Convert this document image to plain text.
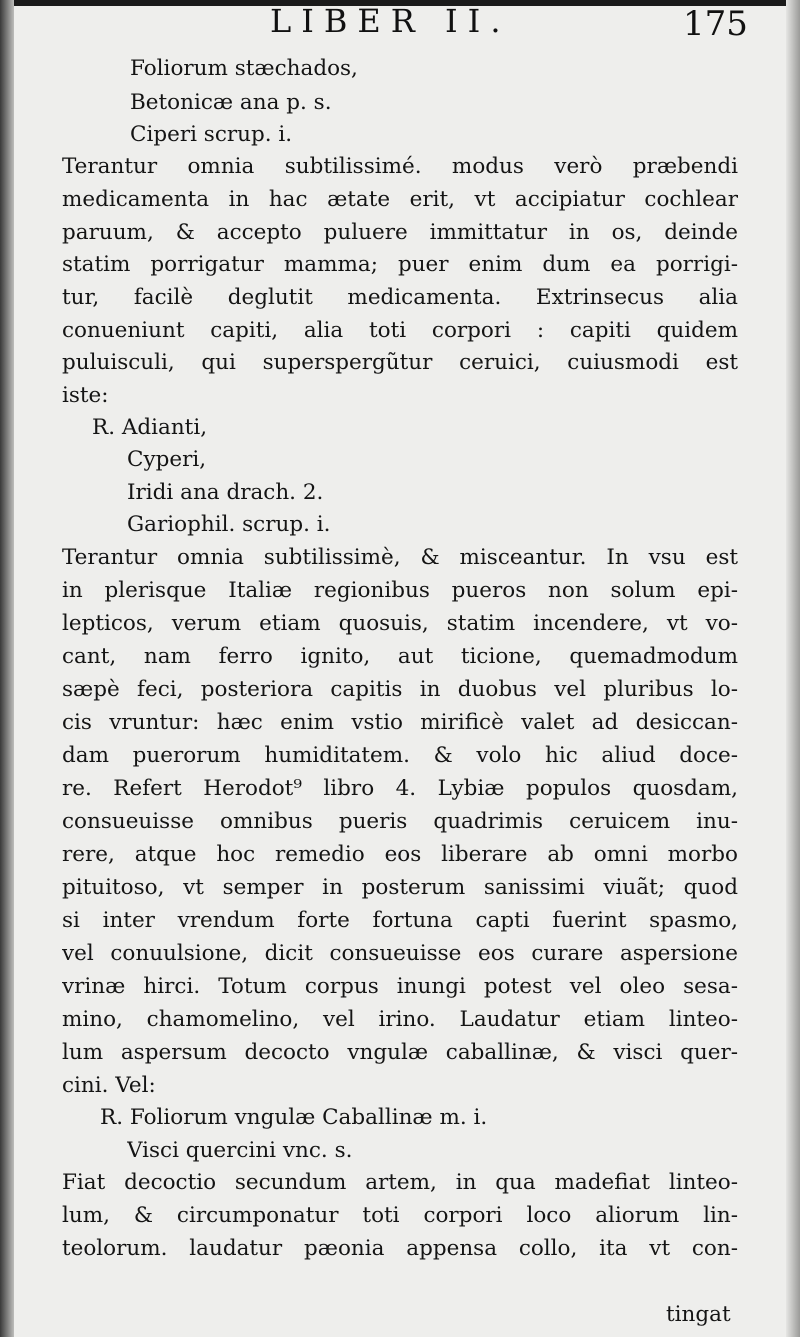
LIBER II.	175
Foliorum stæchados,
Betonicæ ana p. s.
Ciperi scrup. i.
Terantur omnia subtilissimé. modus verò præbendi
medicamenta in hac ætate erit, vt accipiatur cochlear
paruum, & accepto puluere immittatur in os, deinde
statim porrigatur mamma; puer enim dum ea porrigi-
tur, facilè deglutit medicamenta. Extrinsecus alia
conueniunt capiti, alia toti corpori : capiti quidem
puluisculi, qui superspergũtur ceruici, cuiusmodi est
iste:
R. Adianti,
Cyperi,
Iridi ana drach. 2.
Gariophil. scrup. i.
Terantur omnia subtilissimè, & misceantur. In vsu est
in plerisque Italiæ regionibus pueros non solum epi-
lepticos, verum etiam quosuis, statim incendere, vt vo-
cant, nam ferro ignito, aut ticione, quemadmodum
sæpè feci, posteriora capitis in duobus vel pluribus lo-
cis vruntur: hæc enim vstio mirificè valet ad desiccan-
dam puerorum humiditatem. & volo hic aliud doce-
re. Refert Herodot⁹ libro 4. Lybiæ populos quosdam,
consueuisse omnibus pueris quadrimis ceruicem inu-
rere, atque hoc remedio eos liberare ab omni morbo
pituitoso, vt semper in posterum sanissimi viuãt; quod
si inter vrendum forte fortuna capti fuerint spasmo,
vel conuulsione, dicit consueuisse eos curare aspersione
vrinæ hirci. Totum corpus inungi potest vel oleo sesa-
mino, chamomelino, vel irino. Laudatur etiam linteo-
lum aspersum decocto vngulæ caballinæ, & visci quer-
cini. Vel:
R. Foliorum vngulæ Caballinæ m. i.
Visci quercini vnc. s.
Fiat decoctio secundum artem, in qua madefiat linteo-
lum, & circumponatur toti corpori loco aliorum lin-
teolorum. laudatur pæonia appensa collo, ita vt con-
tingat
